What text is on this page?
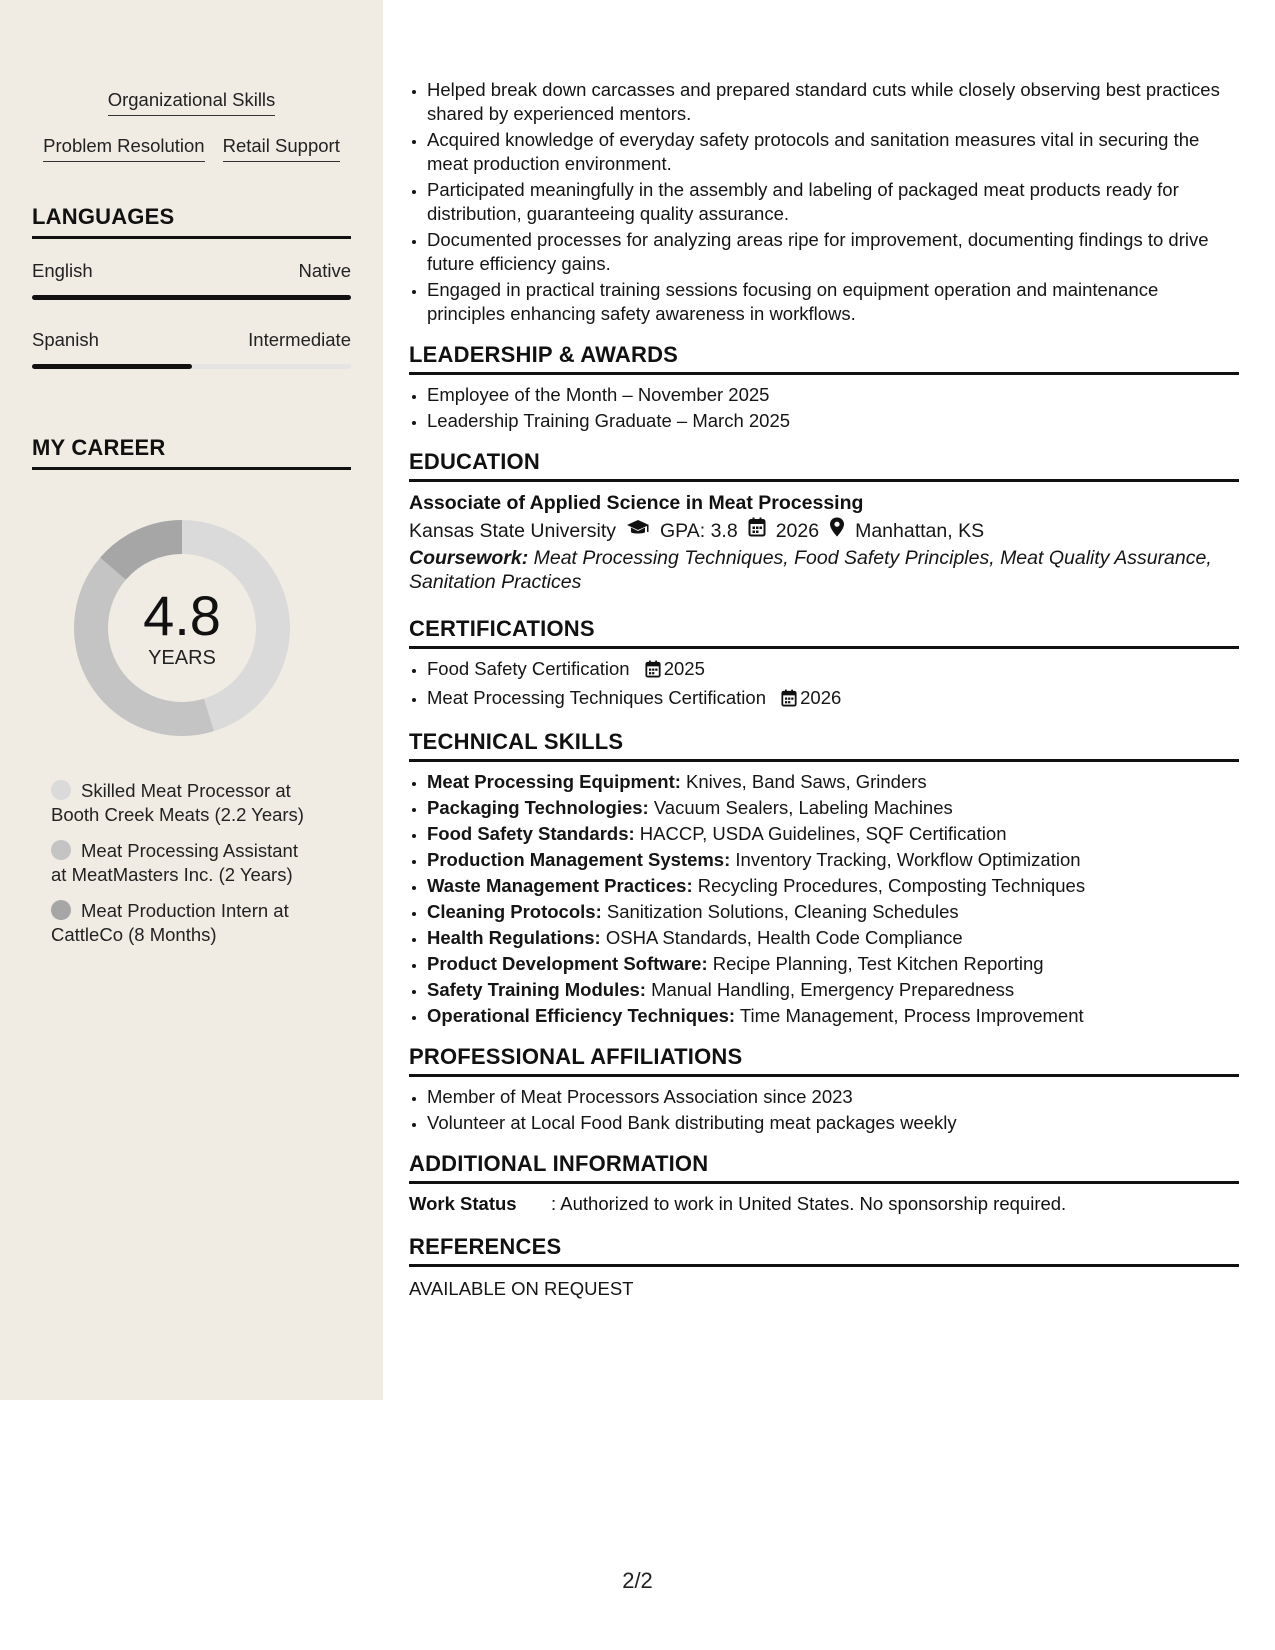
Organizational Skills
Problem Resolution Retail Support
LANGUAGES
English	Native
Spanish	Intermediate
MY CAREER
4.8
YEARS
Skilled Meat Processor at Booth Creek Meats (2.2 Years)
Meat Processing Assistant at MeatMasters Inc. (2 Years)
Meat Production Intern at CattleCo (8 Months)
• Helped break down carcasses and prepared standard cuts while closely observing best practices shared by experienced mentors.
• Acquired knowledge of everyday safety protocols and sanitation measures vital in securing the meat production environment.
• Participated meaningfully in the assembly and labeling of packaged meat products ready for distribution, guaranteeing quality assurance.
• Documented processes for analyzing areas ripe for improvement, documenting findings to drive future efficiency gains.
• Engaged in practical training sessions focusing on equipment operation and maintenance principles enhancing safety awareness in workflows.
LEADERSHIP & AWARDS
• Employee of the Month – November 2025
• Leadership Training Graduate – March 2025
EDUCATION
Associate of Applied Science in Meat Processing
Kansas State University GPA: 3.8 2026 Manhattan, KS
Coursework: Meat Processing Techniques, Food Safety Principles, Meat Quality Assurance, Sanitation Practices
CERTIFICATIONS
• Food Safety Certification 2025
• Meat Processing Techniques Certification 2026
TECHNICAL SKILLS
• Meat Processing Equipment: Knives, Band Saws, Grinders
• Packaging Technologies: Vacuum Sealers, Labeling Machines
• Food Safety Standards: HACCP, USDA Guidelines, SQF Certification
• Production Management Systems: Inventory Tracking, Workflow Optimization
• Waste Management Practices: Recycling Procedures, Composting Techniques
• Cleaning Protocols: Sanitization Solutions, Cleaning Schedules
• Health Regulations: OSHA Standards, Health Code Compliance
• Product Development Software: Recipe Planning, Test Kitchen Reporting
• Safety Training Modules: Manual Handling, Emergency Preparedness
• Operational Efficiency Techniques: Time Management, Process Improvement
PROFESSIONAL AFFILIATIONS
• Member of Meat Processors Association since 2023
• Volunteer at Local Food Bank distributing meat packages weekly
ADDITIONAL INFORMATION
Work Status	: Authorized to work in United States. No sponsorship required.
REFERENCES
AVAILABLE ON REQUEST
2/2
